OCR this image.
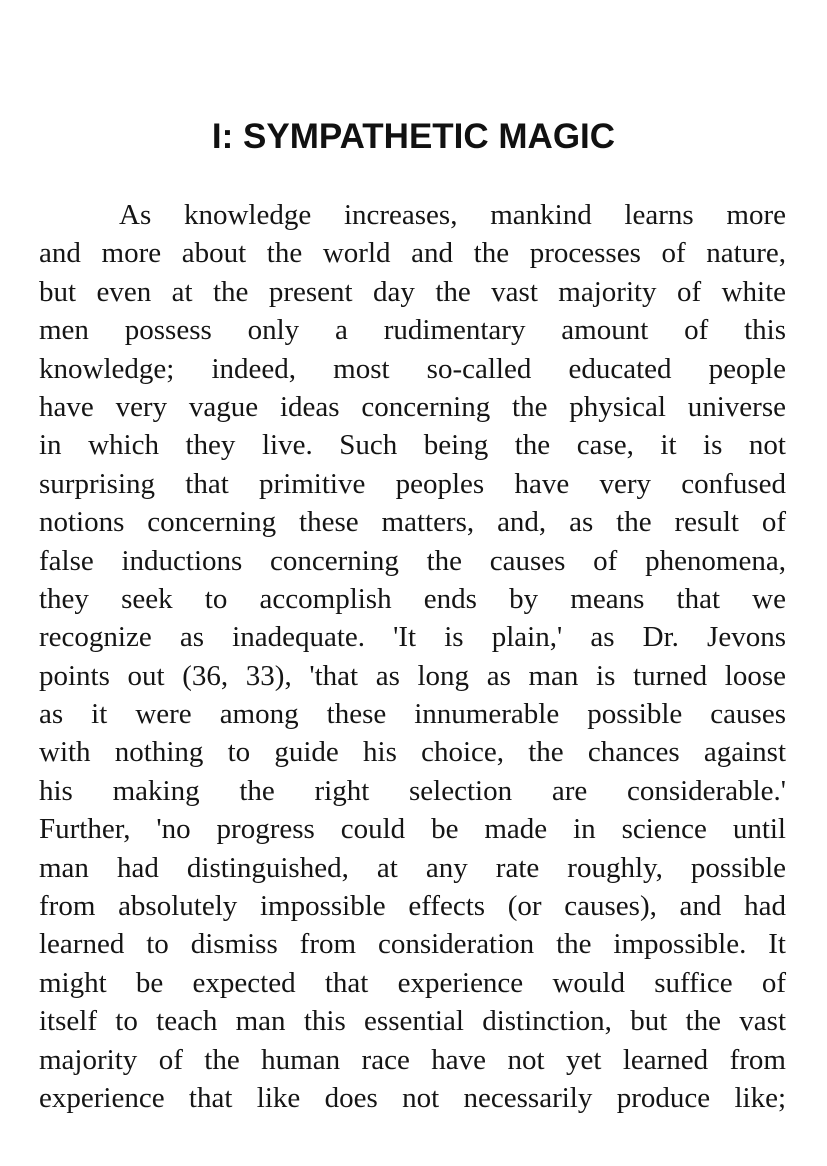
I: SYMPATHETIC MAGIC
As knowledge increases, mankind learns more
and more about the world and the processes of nature,
but even at the present day the vast majority of white
men possess only a rudimentary amount of this
knowledge; indeed, most so-called educated people
have very vague ideas concerning the physical universe
in which they live. Such being the case, it is not
surprising that primitive peoples have very confused
notions concerning these matters, and, as the result of
false inductions concerning the causes of phenomena,
they seek to accomplish ends by means that we
recognize as inadequate. 'It is plain,' as Dr. Jevons
points out (36, 33), 'that as long as man is turned loose
as it were among these innumerable possible causes
with nothing to guide his choice, the chances against
his making the right selection are considerable.'
Further, 'no progress could be made in science until
man had distinguished, at any rate roughly, possible
from absolutely impossible effects (or causes), and had
learned to dismiss from consideration the impossible. It
might be expected that experience would suffice of
itself to teach man this essential distinction, but the vast
majority of the human race have not yet learned from
experience that like does not necessarily produce like;
